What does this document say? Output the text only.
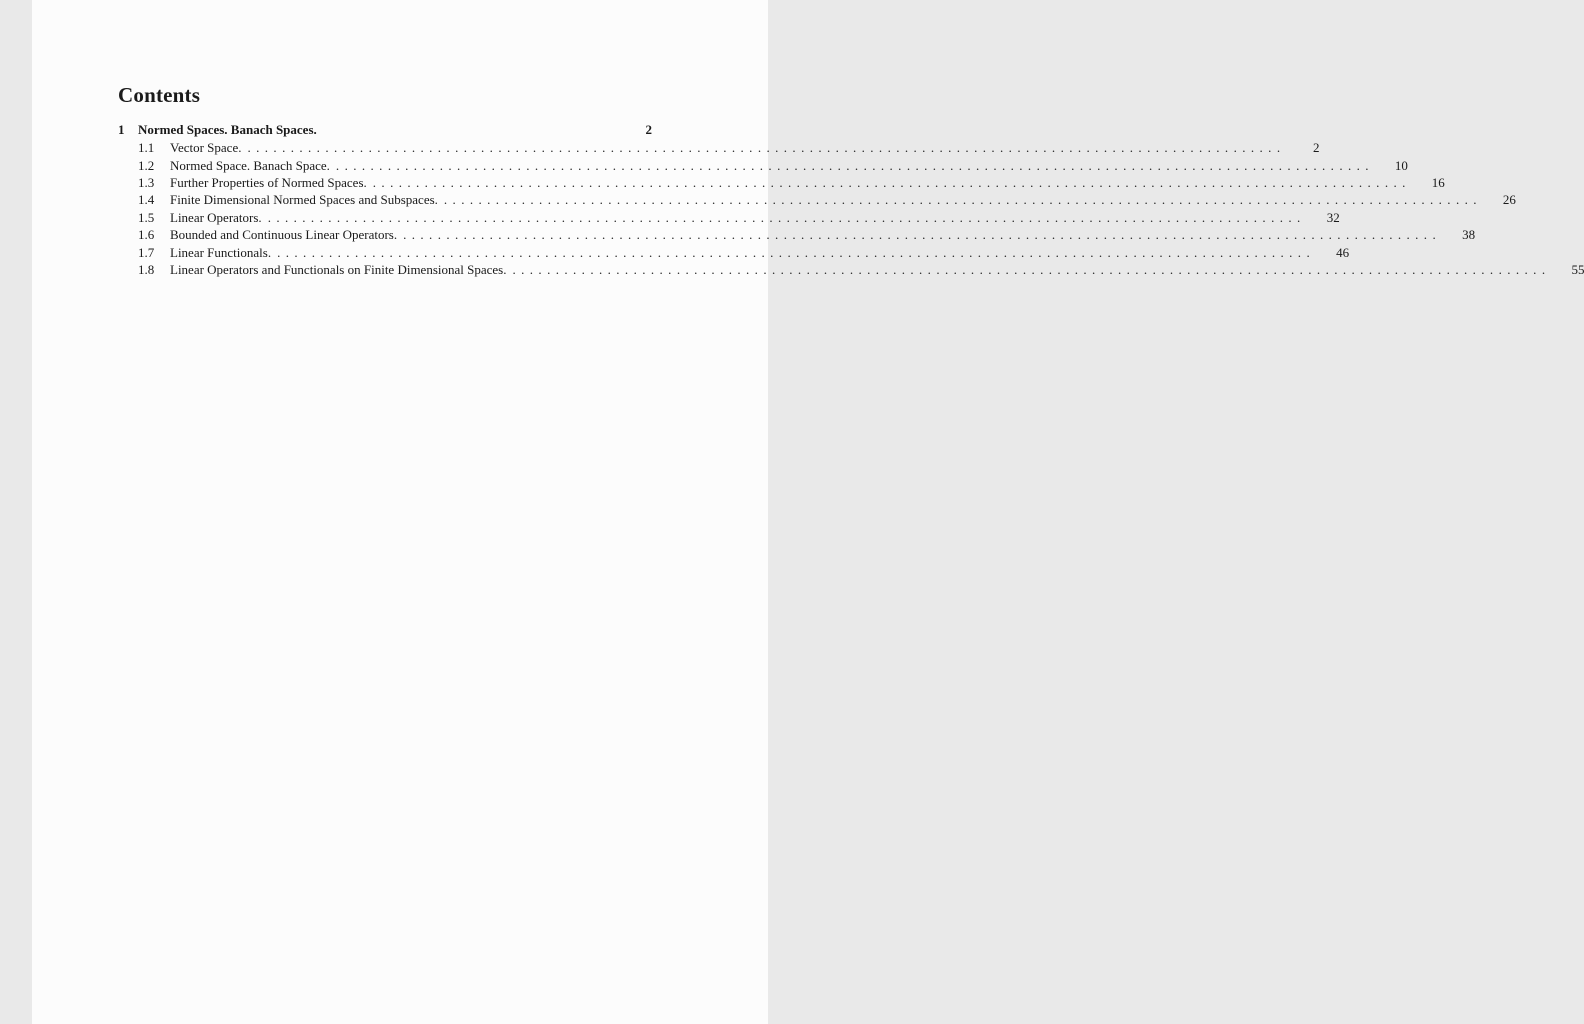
Contents
1	Normed Spaces. Banach Spaces.	2
1.1	Vector Space. ........................................................................................................................	2
1.2	Normed Space. Banach Space. ........................................................................................................................	10
1.3	Further Properties of Normed Spaces. ........................................................................................................................	16
1.4	Finite Dimensional Normed Spaces and Subspaces. ........................................................................................................................	26
1.5	Linear Operators. ........................................................................................................................	32
1.6	Bounded and Continuous Linear Operators. ........................................................................................................................	38
1.7	Linear Functionals. ........................................................................................................................	46
1.8	Linear Operators and Functionals on Finite Dimensional Spaces. ........................................................................................................................	55
